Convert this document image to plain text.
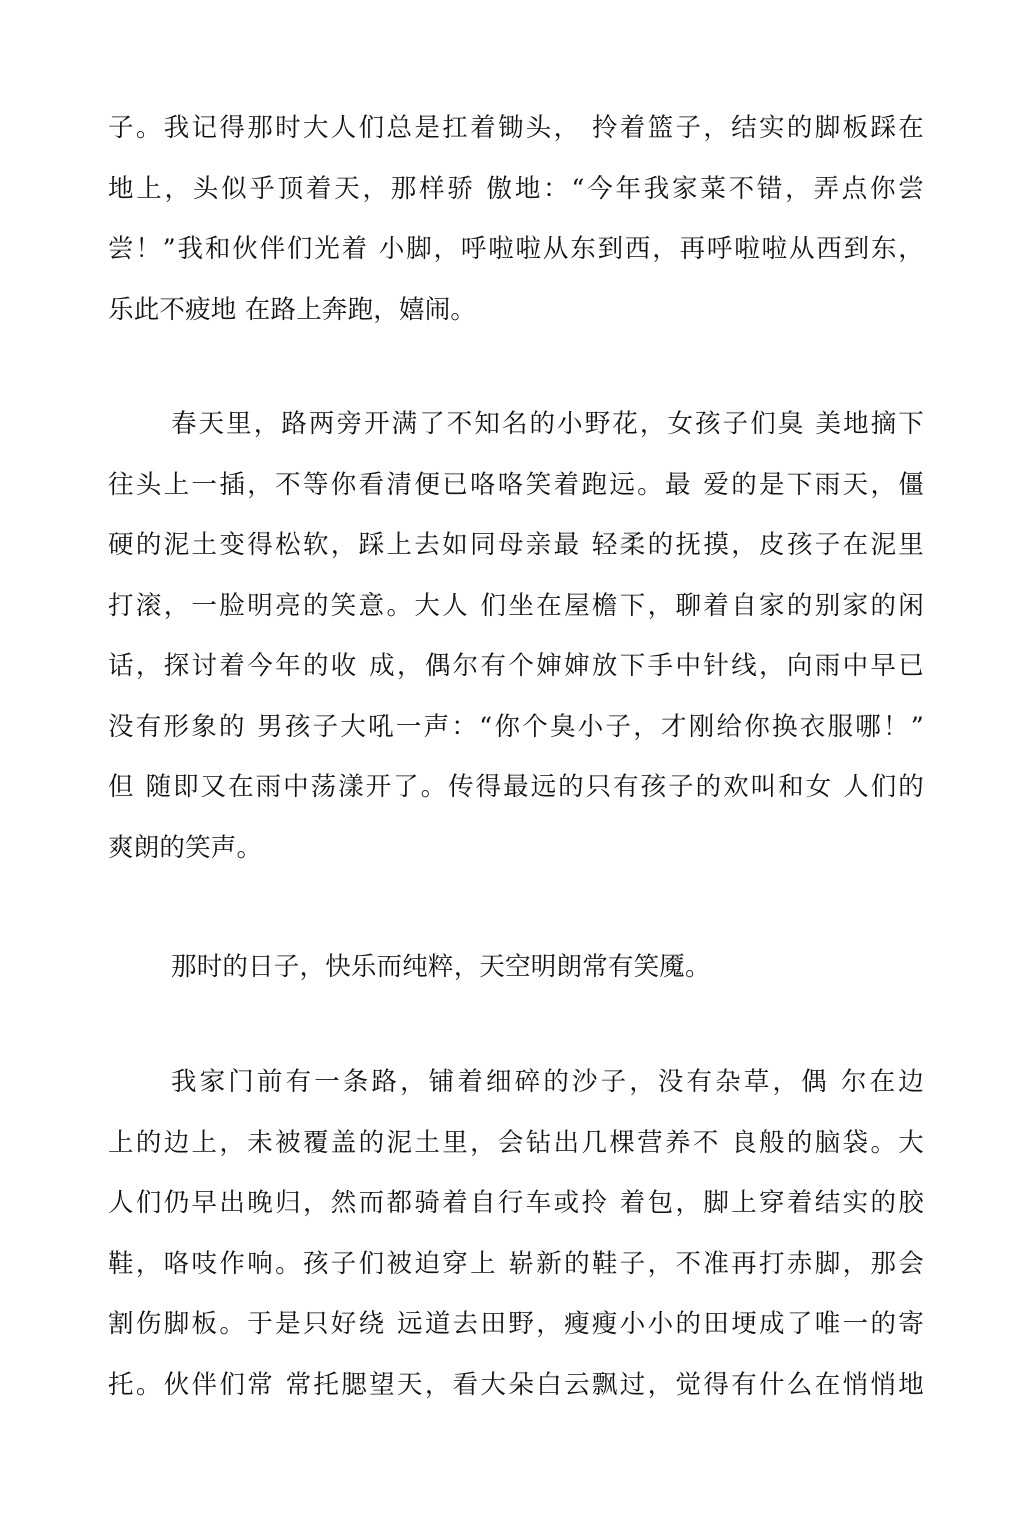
子。我记得那时大人们总是扛着锄头， 拎着篮子，结实的脚板踩在
地上，头似乎顶着天，那样骄 傲地：“今年我家菜不错，弄点你尝
尝！”我和伙伴们光着 小脚，呼啦啦从东到西，再呼啦啦从西到东，
乐此不疲地 在路上奔跑，嬉闹。
春天里，路两旁开满了不知名的小野花，女孩子们臭 美地摘下
往头上一插，不等你看清便已咯咯笑着跑远。最 爱的是下雨天，僵
硬的泥土变得松软，踩上去如同母亲最 轻柔的抚摸，皮孩子在泥里
打滚，一脸明亮的笑意。大人 们坐在屋檐下，聊着自家的别家的闲
话，探讨着今年的收 成，偶尔有个婶婶放下手中针线，向雨中早已
没有形象的 男孩子大吼一声：“你个臭小子，才刚给你换衣服哪！”
但 随即又在雨中荡漾开了。传得最远的只有孩子的欢叫和女 人们的
爽朗的笑声。
那时的日子，快乐而纯粹，天空明朗常有笑魇。
我家门前有一条路，铺着细碎的沙子，没有杂草，偶 尔在边
上的边上，未被覆盖的泥土里，会钻出几棵营养不 良般的脑袋。大
人们仍早出晚归，然而都骑着自行车或拎 着包，脚上穿着结实的胶
鞋，咯吱作响。孩子们被迫穿上 崭新的鞋子，不准再打赤脚，那会
割伤脚板。于是只好绕 远道去田野，瘦瘦小小的田埂成了唯一的寄
托。伙伴们常 常托腮望天，看大朵白云飘过，觉得有什么在悄悄地
